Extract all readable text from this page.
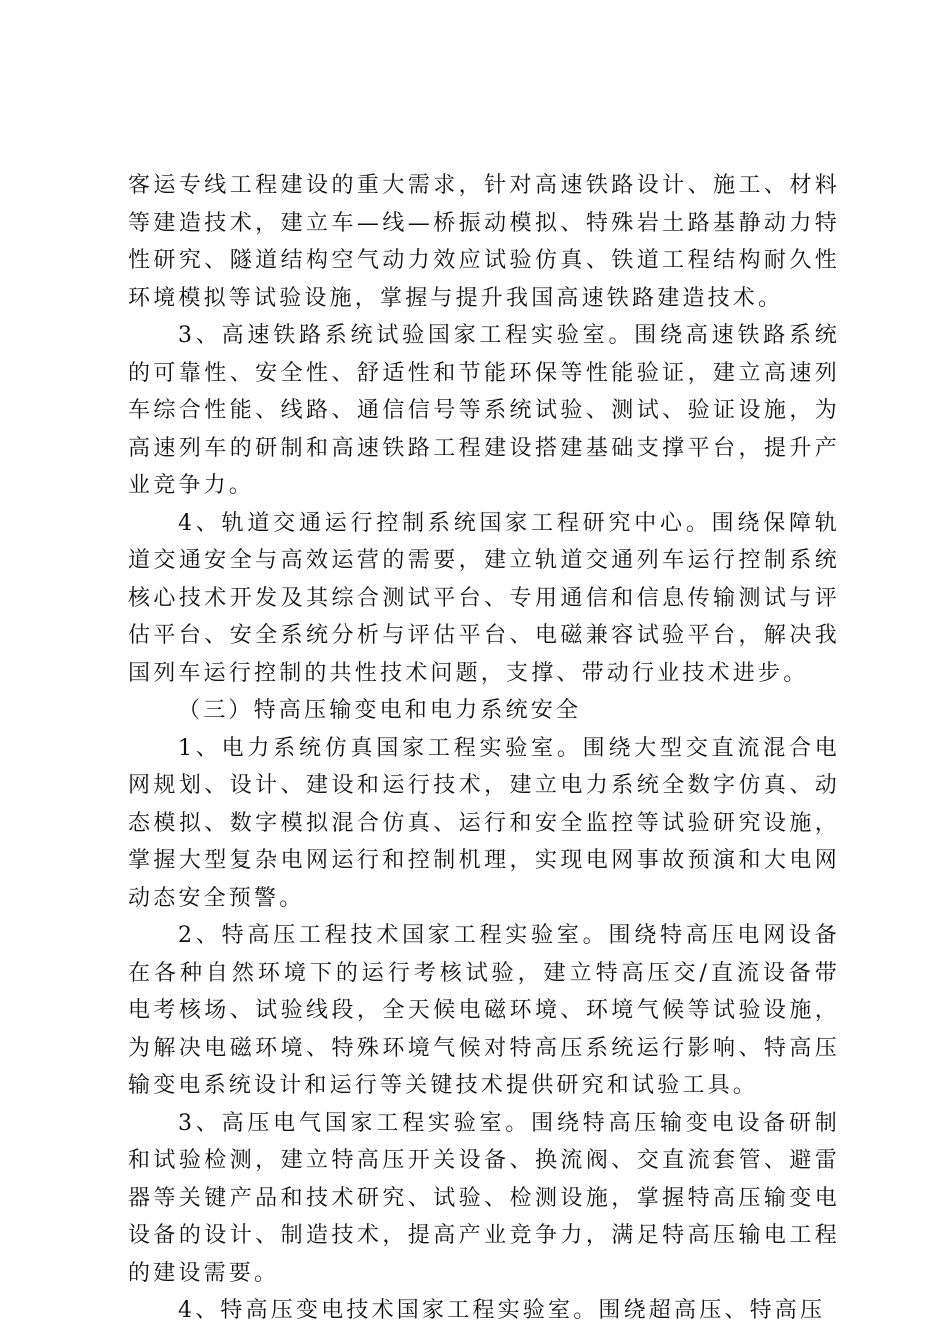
客运专线工程建设的重大需求，针对高速铁路设计、施工、材料等建造技术，建立车—线—桥振动模拟、特殊岩土路基静动力特性研究、隧道结构空气动力效应试验仿真、铁道工程结构耐久性环境模拟等试验设施，掌握与提升我国高速铁路建造技术。

3、高速铁路系统试验国家工程实验室。围绕高速铁路系统的可靠性、安全性、舒适性和节能环保等性能验证，建立高速列车综合性能、线路、通信信号等系统试验、测试、验证设施，为高速列车的研制和高速铁路工程建设搭建基础支撑平台，提升产业竞争力。

4、轨道交通运行控制系统国家工程研究中心。围绕保障轨道交通安全与高效运营的需要，建立轨道交通列车运行控制系统核心技术开发及其综合测试平台、专用通信和信息传输测试与评估平台、安全系统分析与评估平台、电磁兼容试验平台，解决我国列车运行控制的共性技术问题，支撑、带动行业技术进步。

（三）特高压输变电和电力系统安全

1、电力系统仿真国家工程实验室。围绕大型交直流混合电网规划、设计、建设和运行技术，建立电力系统全数字仿真、动态模拟、数字模拟混合仿真、运行和安全监控等试验研究设施，掌握大型复杂电网运行和控制机理，实现电网事故预演和大电网动态安全预警。

2、特高压工程技术国家工程实验室。围绕特高压电网设备在各种自然环境下的运行考核试验，建立特高压交/直流设备带电考核场、试验线段，全天候电磁环境、环境气候等试验设施，为解决电磁环境、特殊环境气候对特高压系统运行影响、特高压输变电系统设计和运行等关键技术提供研究和试验工具。

3、高压电气国家工程实验室。围绕特高压输变电设备研制和试验检测，建立特高压开关设备、换流阀、交直流套管、避雷器等关键产品和技术研究、试验、检测设施，掌握特高压输变电设备的设计、制造技术，提高产业竞争力，满足特高压输电工程的建设需要。

4、特高压变电技术国家工程实验室。围绕超高压、特高压
